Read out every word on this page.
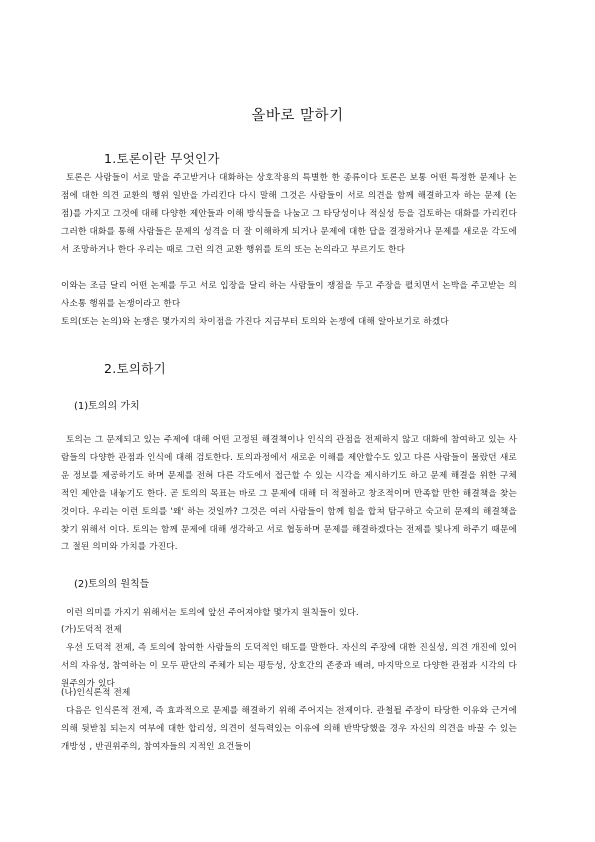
올바로 말하기
1.토론이란 무엇인가

토론은 사람들이 서로 말을 주고받거나 대화하는 상호작용의 특별한 한 종류이다 토론은 보통 어떤 특정한 문제나 논점에 대한 의견 교환의 행위 일반을 가리킨다 다시 말해 그것은 사람들이 서로 의견을 함께 해결하고자 하는 문제 (논점)를 가지고 그것에 대해 다양한 제안들과 이해 방식들을 나눔고 그 타당성이나 적실성 등을 검토하는 대화를 가리킨다 그러한 대화를 통해 사람들은 문제의 성격을 더 잘 이해하게 되거나 문제에 대한 답을 결정하거나 문제를 새로운 각도에서 조망하거나 한다 우리는 때로 그런 의견 교환 행위를 토의 또는 논의라고 부르기도 한다

이와는 조금 달리 어떤 논제를 두고 서로 입장을 달리 하는 사람들이 쟁점을 두고 주장을 펼치면서 논박을 주고받는 의사소통 행위를 논쟁이라고 한다

토의(또는 논의)와 논쟁은 몇가지의 차이점을 가진다 지금부터 토의와 논쟁에 대해 알아보기로 하겠다

2.토의하기
(1)토의의 가치

토의는 그 문제되고 있는 주제에 대해 어떤 고정된 해결책이나 인식의 관점을 전제하지 않고 대화에 참여하고 있는 사람들의 다양한 관점과 인식에 대해 검토한다. 토의과정에서 새로운 이해를 제안할수도 있고 다른 사람들이 몰랐던 새로운 정보를 제공하기도 하며 문제를 전혀 다른 각도에서 접근할 수 있는 시각을 제시하기도 하고 문제 해결을 위한 구체적인 제안을 내놓기도 한다. 곧 토의의 목표는 바로 그 문제에 대해 더 적절하고 창조적이며 만족할 만한 해결책을 찾는 것이다. 우리는 이런 토의를 '왜' 하는 것일까? 그것은 여러 사람들이 함께 힘을 합쳐 탐구하고 숙고히 문제의 해결책을 찾기 위해서 이다. 토의는 함께 문제에 대해 생각하고 서로 협동하며 문제를 해결하겠다는 전제를 빛나게 하주기 때문에 그 절된 의미와 가치를 가진다.

(2)토의의 원칙들

이런 의미를 가지기 위해서는 토의에 앞선 주어져야할 몇가지 원칙들이 있다.

(가)도덕적 전제

우선 도덕적 전제, 즉 토의에 참여한 사람들의 도덕적인 태도를 말한다. 자신의 주장에 대한 진실성, 의견 개진에 있어서의 자유성, 참여하는 이 모두 판단의 주체가 되는 평등성, 상호간의 존중과 배려, 마지막으로 다양한 관점과 시각의 다원주의가 있다

(나)인식론적 전제

다음은 인식론적 전제, 즉 효과적으로 문제를 해결하기 위해 주어지는 전제이다. 관철될 주장이 타당한 이유와 근거에 의해 뒷받침 되는지 여부에 대한 합리성, 의견이 설득력있는 이유에 의해 반박당했을 경우 자신의 의견을 바꿀 수 있는 개방성 , 반권위주의, 참여자들의 지적인 요건들이
